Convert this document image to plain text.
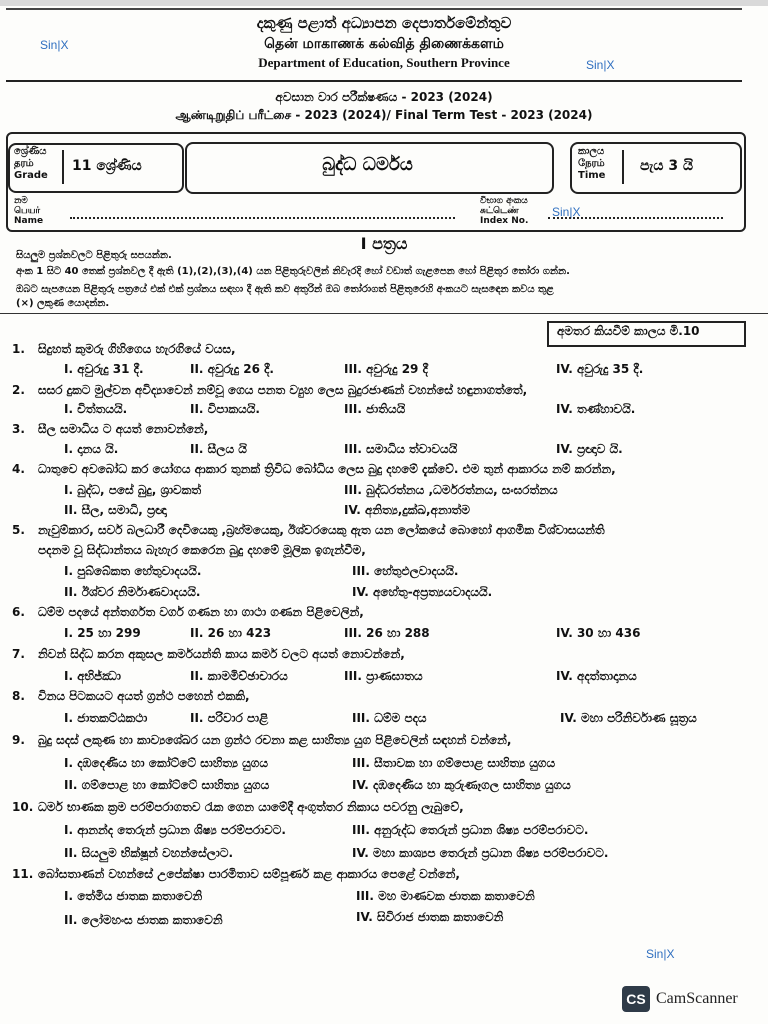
Sin|X
Sin|X
Sin|X
Sin|X
දකුණු පළාත් අධ්‍යාපන දෙපාර්තමේන්තුව
தென் மாகாணக் கல்வித் திணைக்களம்
Department of Education, Southern Province
අවසාන වාර පරීක්ෂණය - 2023 (2024)
ஆண்டிறுதிப் பரீட்சை - 2023 (2024)/ Final Term Test - 2023 (2024)
ශ්‍රේණිය
தரம்
Grade
11 ශ්‍රේණිය	බුද්ධ ධර්මය
කාලය
நேரம்
Time
පැය 3 යි
නම
பெயர்
Name
විභාග අංකය
சுட்டெண்
Index No.
I පත්‍රය
සියලුම ප්‍රශ්නවලට පිළිතුරු සපයන්න.
අංක 1 සිට 40 තෙක් ප්‍රශ්නවල දී ඇති (1),(2),(3),(4) යන පිළිතුරුවලින් නිවැරදි හෝ වඩාත් ගැළපෙන හෝ පිළිතුර තෝරා ගන්න.
ඔබට සැපයෙන පිළිතුරු පත්‍රයේ එක් එක් ප්‍රශ්නය සඳහා දී ඇති කව අතුරින් ඔබ තෝරාගත් පිළිතුරෙහි අංකයට සැසඳෙන කවය තුළ
(×) ලකුණ යොදන්න.
අමතර කියවීම් කාලය මි.10
1. සිදුහත් කුමරු ගිහිගෙය හැරගියේ වයස,
I. අවුරුදු 31 දී.	II. අවුරුදු 26 දී.	III. අවුරුදු 29 දී	IV. අවුරුදු 35 දී.
2. සසර දුකට මුල්වන අවිද්‍යාවෙන් නම්වූ ගෙය පනත ව්‍යුහ ලෙස බුදුරජාණන් වහන්සේ හඳුනාගත්තේ,
I. චිත්තයයි.	II. විපාකයයි.	III. ජාතියයි	IV. තණ්හාවයි.
3. සීල සමාධිය ට අයත් නොවන්නේ,
I. දානය යි.	II. සීලය යි	III. සමාධිය ත්වාවයයි	IV. ප්‍රඥාව යි.
4. ධාතුවෙ අවබෝධ කර යෝගය ආකාර තුනක් ත්‍රිවිධ බෝධිය ලෙස බුදු දහමේ දැක්වේ. එම තුන් ආකාරය නම් කරන්න,
I. බුද්ධ, පසේ බුදු, ශ්‍රාවකත්	III. බුද්ධරත්නය ,ධර්මරත්නය, සංඝරත්නය
II. සීල, සමාධි, ප්‍රඥා	IV. අනිත්‍ය,දුක්ඛ,අනාත්ම
5. නැවුම්කාර, සර්ව බලධාරී දෙවියෙකු ,බ්‍රහ්මයෙකු, ඊශ්වරයෙකු ඇත යන ලෝකයේ බොහෝ ආගමික විශ්වාසයන්ති
පදනම වූ සිද්ධාන්තය බැහැර කෙරෙන බුදු දහමේ මූලික ඉගැන්වීම,
I. පුබ්බේකත හේතුවාදයයි.	III. හේතුඵලවාදයයි.
II. ඊශ්වර නිර්මාණවාදයයි.	IV. අහේතු-අප්‍රත්‍යයවාදයයි.
6. ධම්ම පදයේ අන්තර්ගත වර්ග ගණන හා ගාථා ගණන පිළිවෙලින්,
I. 25 හා 299	II. 26 හා 423	III. 26 හා 288	IV. 30 හා 436
7. නිවන් සිද්ධ කරන අකුසල කර්මයන්ති කාය කර්ම වලට අයත් නොවන්නේ,
I. අභිජ්ඣා	II. කාමමිච්ඡාචාරය	III. ප්‍රාණඝාතය	IV. අදත්තාදානය
8. විනය පිටකයට අයත් ග්‍රන්ථ පහෙන් එකකි,
I. ජාතකට්ඨකථා	II. පරිවාර පාළි	III. ධම්ම පදය	IV. මහා පරිනිර්වාණ සූත්‍රය
9. බුදු සදස් ලකුණ හා කාව්‍යශේඛර යන ග්‍රන්ථ රචනා කළ සාහිත්‍ය යුග පිළිවෙලින් සඳහන් වන්නේ,
I. දඹදෙණිය හා කෝට්ටේ සාහිත්‍ය යුගය	III. සීතාවක හා ගම්පොළ සාහිත්‍ය යුගය
II. ගම්පොළ හා කෝට්ටේ සාහිත්‍ය යුගය	IV. දඹදෙණිය හා කුරුණෑගල සාහිත්‍ය යුගය
10. ධර්ම භාණක ක්‍රම පරම්පරාගතව රැක ගෙන යාමේදී අංගුත්තර නිකාය පවරනු ලැබුවේ,
I. ආනන්ද තෙරුන් ප්‍රධාන ශිෂ්‍ය පරම්පරාවට.	III. අනුරුද්ධ තෙරුන් ප්‍රධාන ශිෂ්‍ය පරම්පරාවට.
II. සියලුම භික්ෂූන් වහන්සේලාට.	IV. මහා කාශ්‍යප තෙරුන් ප්‍රධාන ශිෂ්‍ය පරම්පරාවට.
11. බෝසතාණන් වහන්සේ උපේක්ෂා පාරමිතාව සම්පූර්ණ කළ ආකාරය පෙළේ වන්නේ,
I. තේමිය ජාතක කතාවෙනි	III. මහ මාණවක ජාතක කතාවෙනි
II. ලෝමහංස ජාතක කතාවෙනි	IV. සිවිරාජ ජාතක කතාවෙනි
CS CamScanner
